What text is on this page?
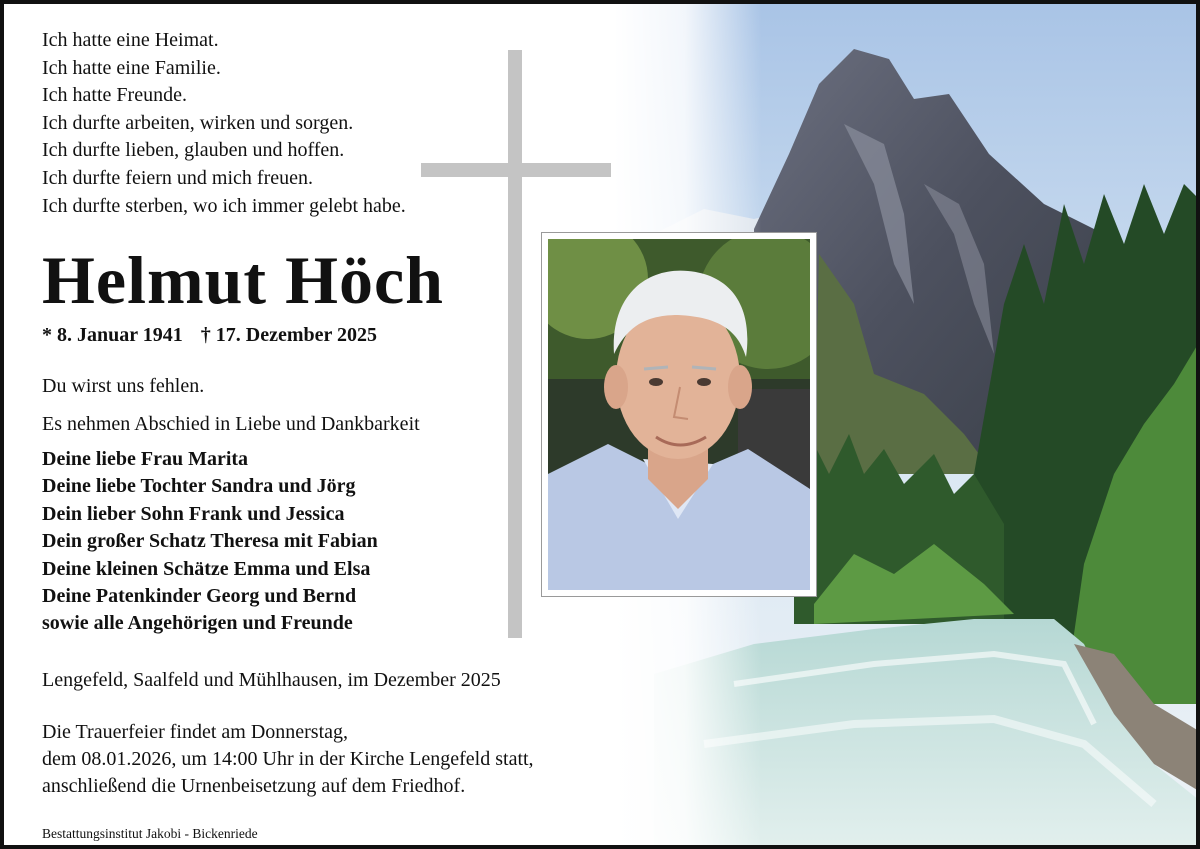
Ich hatte eine Heimat.
Ich hatte eine Familie.
Ich hatte Freunde.
Ich durfte arbeiten, wirken und sorgen.
Ich durfte lieben, glauben und hoffen.
Ich durfte feiern und mich freuen.
Ich durfte sterben, wo ich immer gelebt habe.
Helmut Höch
* 8. Januar 1941 † 17. Dezember 2025
Du wirst uns fehlen.
Es nehmen Abschied in Liebe und Dankbarkeit
Deine liebe Frau Marita
Deine liebe Tochter Sandra und Jörg
Dein lieber Sohn Frank und Jessica
Dein großer Schatz Theresa mit Fabian
Deine kleinen Schätze Emma und Elsa
Deine Patenkinder Georg und Bernd
sowie alle Angehörigen und Freunde
Lengefeld, Saalfeld und Mühlhausen, im Dezember 2025
Die Trauerfeier findet am Donnerstag,
dem 08.01.2026, um 14:00 Uhr in der Kirche Lengefeld statt,
anschließend die Urnenbeisetzung auf dem Friedhof.
Bestattungsinstitut Jakobi - Bickenriede
